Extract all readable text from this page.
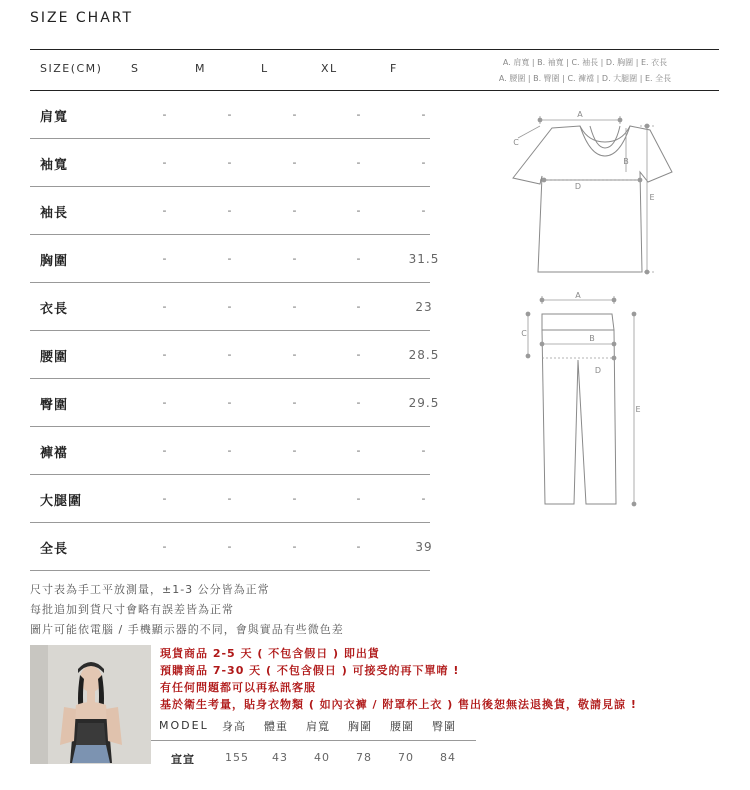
SIZE CHART
SIZE(CM)	S	M	L	XL	F	A. 肩寬 | B. 袖寬 | C. 袖長 | D. 胸圍 | E. 衣長
A. 腰圍 | B. 臀圍 | C. 褲襠 | D. 大腿圍 | E. 全長
肩寬	-	-	-	-	-
袖寬	-	-	-	-	-
袖長	-	-	-	-	-
胸圍	-	-	-	-	31.5
衣長	-	-	-	-	23
腰圍	-	-	-	-	28.5
臀圍	-	-	-	-	29.5
褲襠	-	-	-	-	-
大腿圍	-	-	-	-	-
全長	-	-	-	-	39
A
B
C
D
E
A
B
C
D
E
尺寸表為手工平放測量，±1-3 公分皆為正常
每批追加到貨尺寸會略有誤差皆為正常
圖片可能依電腦 / 手機顯示器的不同，會與實品有些微色差
現貨商品 2-5 天 ( 不包含假日 ) 即出貨
預購商品 7-30 天 ( 不包含假日 ) 可接受的再下單唷 !
有任何問題都可以再私訊客服
基於衛生考量，貼身衣物類 ( 如內衣褲 / 附罩杯上衣 ) 售出後恕無法退換貨，敬請見諒 !
MODEL 身高 體重 肩寬 胸圍 腰圍 臀圍
宣宣	155 43 40 78 70 84
